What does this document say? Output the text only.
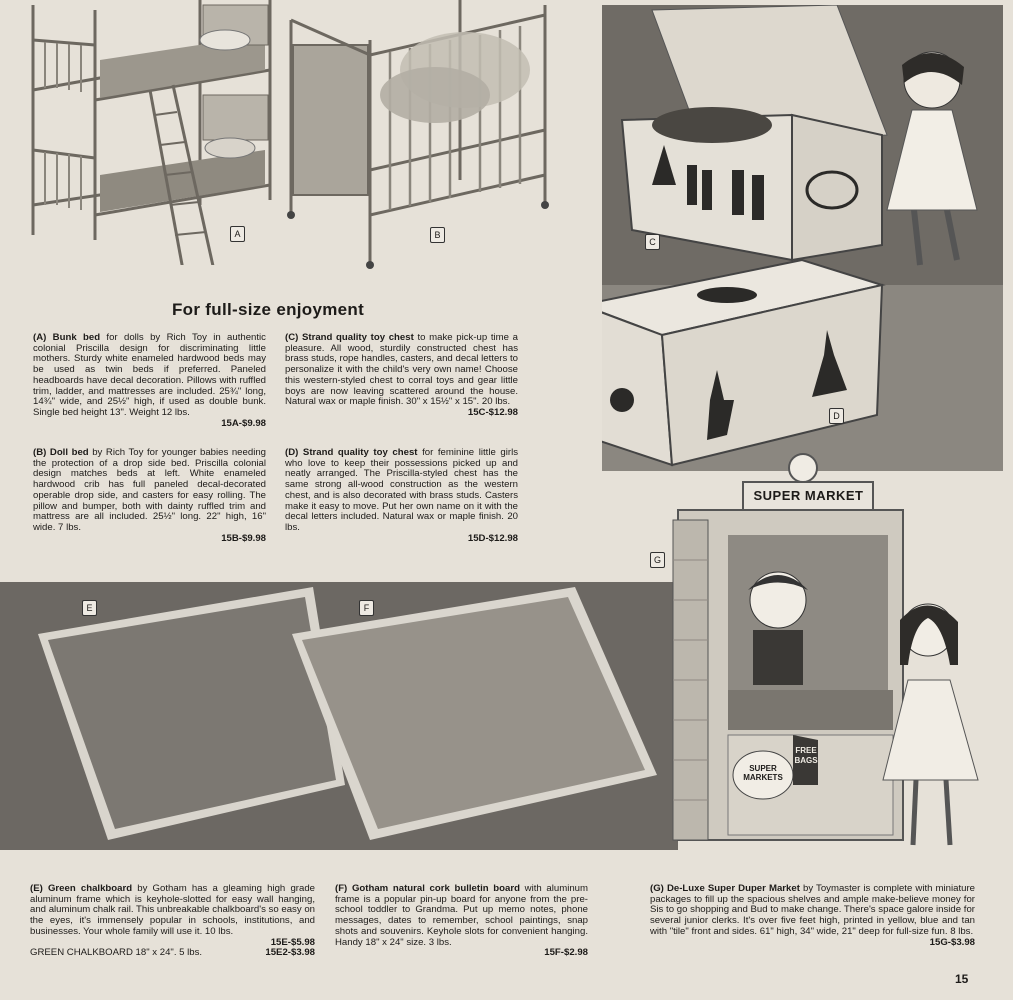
A	B
C
D
E	F
SUPER MARKET
SUPER MARKETS
FREE BAGS
G
For full-size enjoyment

(A) Bunk bed for dolls by Rich Toy in authentic colonial Priscilla design for discriminating little mothers. Sturdy white enameled hardwood beds may be used as twin beds if preferred. Paneled headboards have decal decoration. Pillows with ruffled trim, ladder, and mattresses are included. 25¾" long, 14¾" wide, and 25½" high, if used as double bunk. Single bed height 13". Weight 12 lbs.
15A-$9.98

(B) Doll bed by Rich Toy for younger babies needing the protection of a drop side bed. Priscilla colonial design matches beds at left. White enameled hardwood crib has full paneled decal-decorated operable drop side, and casters for easy rolling. The pillow and bumper, both with dainty ruffled trim and mattress are all included. 25½" long. 22" high, 16" wide. 7 lbs.
15B-$9.98

(C) Strand quality toy chest to make pick-up time a pleasure. All wood, sturdily constructed chest has brass studs, rope handles, casters, and decal letters to personalize it with the child's very own name! Choose this western-styled chest to corral toys and gear little boys are now leaving scattered around the house. Natural wax or maple finish. 30" x 15½" x 15". 20 lbs.
15C-$12.98

(D) Strand quality toy chest for feminine little girls who love to keep their possessions picked up and neatly arranged. The Priscilla-styled chest has the same strong all-wood construction as the western chest, and is also decorated with brass studs. Casters make it easy to move. Put her own name on it with the decal letters included. Natural wax or maple finish. 20 lbs.
15D-$12.98

(E) Green chalkboard by Gotham has a gleaming high grade aluminum frame which is keyhole-slotted for easy wall hanging, and aluminum chalk rail. This unbreakable chalkboard's so easy on the eyes, it's immensely popular in schools, institutions, and businesses. Your whole family will use it. 10 lbs.
15E-$5.98
GREEN CHALKBOARD 18" x 24". 5 lbs.	15E2-$3.98

(F) Gotham natural cork bulletin board with aluminum frame is a popular pin-up board for anyone from the pre-school toddler to Grandma. Put up memo notes, phone messages, dates to remember, school paintings, snap shots and souvenirs. Keyhole slots for convenient hanging. Handy 18" x 24" size. 3 lbs.
15F-$2.98

(G) De-Luxe Super Duper Market by Toymaster is complete with miniature packages to fill up the spacious shelves and ample make-believe money for Sis to go shopping and Bud to make change. There's space galore inside for several junior clerks. It's over five feet high, printed in yellow, blue and tan with "tile" front and sides. 61" high, 34" wide, 21" deep for full-size fun. 8 lbs.
15G-$3.98

15
